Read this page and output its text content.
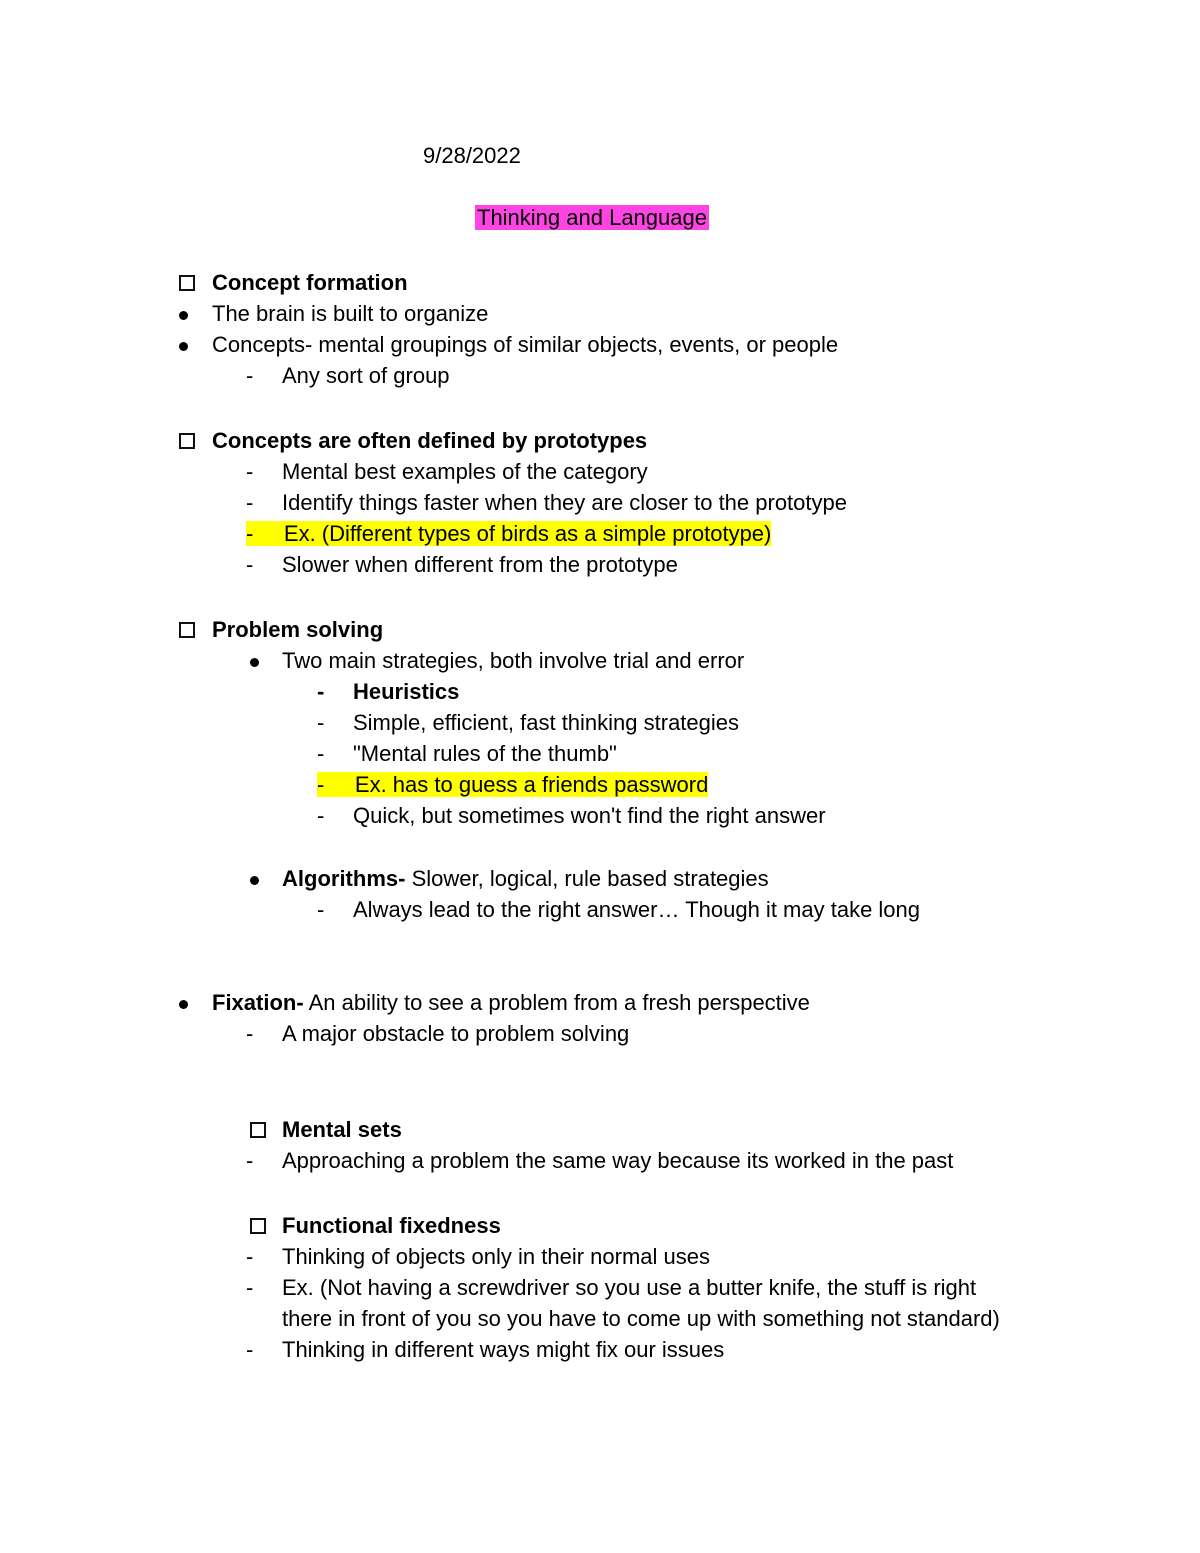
9/28/2022
Thinking and Language
Concept formation
The brain is built to organize
Concepts- mental groupings of similar objects, events, or people
- Any sort of group
Concepts are often defined by prototypes
- Mental best examples of the category
- Identify things faster when they are closer to the prototype
-     Ex. (Different types of birds as a simple prototype)
- Slower when different from the prototype
Problem solving
Two main strategies, both involve trial and error
- Heuristics
- Simple, efficient, fast thinking strategies
- "Mental rules of the thumb"
-     Ex. has to guess a friends password
- Quick, but sometimes won't find the right answer
Algorithms- Slower, logical, rule based strategies
- Always lead to the right answer… Though it may take long
Fixation- An ability to see a problem from a fresh perspective
- A major obstacle to problem solving
Mental sets
- Approaching a problem the same way because its worked in the past
Functional fixedness
- Thinking of objects only in their normal uses
- Ex. (Not having a screwdriver so you use a butter knife, the stuff is right
there in front of you so you have to come up with something not standard)
- Thinking in different ways might fix our issues
